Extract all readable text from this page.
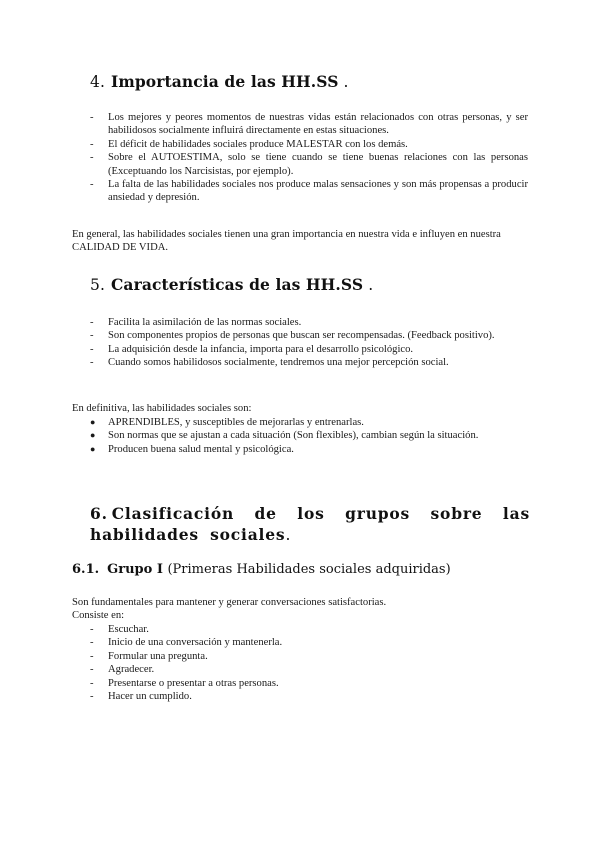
4. Importancia de las HH.SS .
- Los mejores y peores momentos de nuestras vidas están relacionados con otras personas, y ser habilidosos socialmente influirá directamente en estas situaciones.
- El déficit de habilidades sociales produce MALESTAR con los demás.
- Sobre el AUTOESTIMA, solo se tiene cuando se tiene buenas relaciones con las personas (Exceptuando los Narcisistas, por ejemplo).
- La falta de las habilidades sociales nos produce malas sensaciones y son más propensas a producir ansiedad y depresión.

En general, las habilidades sociales tienen una gran importancia en nuestra vida e influyen en nuestra CALIDAD DE VIDA.

5. Características de las HH.SS .
- Facilita la asimilación de las normas sociales.
- Son componentes propios de personas que buscan ser recompensadas. (Feedback positivo).
- La adquisición desde la infancia, importa para el desarrollo psicológico.
- Cuando somos habilidosos socialmente, tendremos una mejor percepción social.

En definitiva, las habilidades sociales son:

● APRENDIBLES, y susceptibles de mejorarlas y entrenarlas.
● Son normas que se ajustan a cada situación (Son flexibles), cambian según la situación.
● Producen buena salud mental y psicológica.
6. Clasificación de los grupos sobre las habilidades sociales.
6.1. Grupo I (Primeras Habilidades sociales adquiridas)

Son fundamentales para mantener y generar conversaciones satisfactorias.

Consiste en:

- Escuchar.
- Inicio de una conversación y mantenerla.
- Formular una pregunta.
- Agradecer.
- Presentarse o presentar a otras personas.
- Hacer un cumplido.
